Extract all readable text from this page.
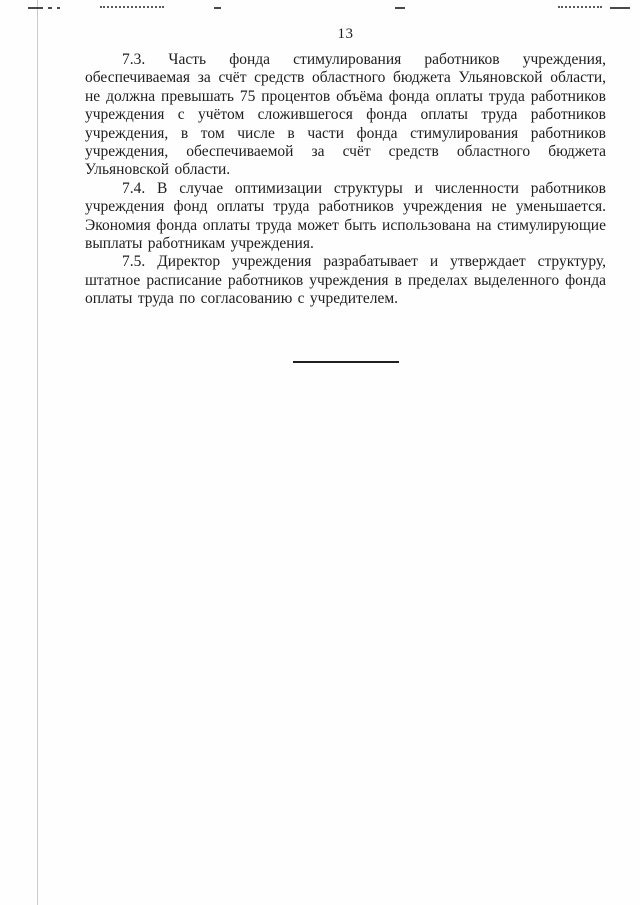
13

7.3. Часть фонда стимулирования работников учреждения, обеспечиваемая за счёт средств областного бюджета Ульяновской области, не должна превышать 75 процентов объёма фонда оплаты труда работников учреждения с учётом сложившегося фонда оплаты труда работников учреждения, в том числе в части фонда стимулирования работников учреждения, обеспечиваемой за счёт средств областного бюджета Ульяновской области.

7.4. В случае оптимизации структуры и численности работников учреждения фонд оплаты труда работников учреждения не уменьшается. Экономия фонда оплаты труда может быть использована на стимулирующие выплаты работникам учреждения.

7.5. Директор учреждения разрабатывает и утверждает структуру, штатное расписание работников учреждения в пределах выделенного фонда оплаты труда по согласованию с учредителем.
